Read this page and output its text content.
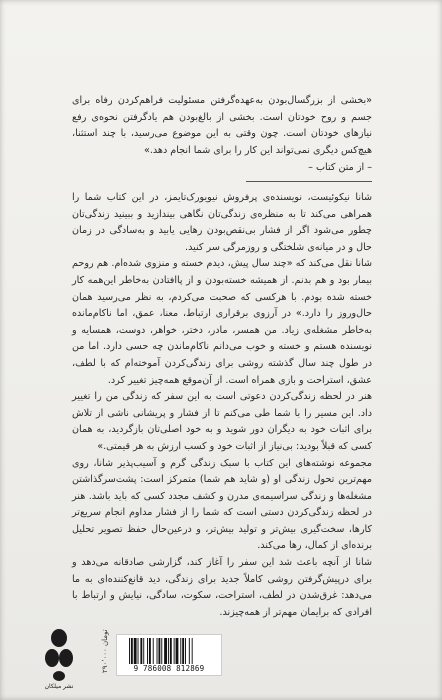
«بخشی از بزرگسال‌بودن به‌عهده‌گرفتن مسئولیت فراهم‌کردن رفاه برای جسم و روح خودتان است. بخشی از بالغ‌بودن هم یادگرفتن نحوه‌ی رفع نیازهای خودتان است. چون وقتی به این موضوع می‌رسید، با چند استثنا، هیچ‌کس دیگری نمی‌تواند این کار را برای شما انجام دهد.»
– از متن کتاب –

شانا نیکوئیست، نویسنده‌ی پرفروش نیویورک‌تایمز، در این کتاب شما را همراهی می‌کند تا به منظره‌ی زندگی‌تان نگاهی بیندازید و ببینید زندگی‌تان چطور می‌شود اگر از فشار بی‌نقص‌بودن رهایی یابید و به‌سادگی در زمان حال و در میانه‌ی شلختگی و روزمرگی سر کنید.

شانا نقل می‌کند که «چند سال پیش، دیدم خسته و منزوی شده‌ام. هم روحم بیمار بود و هم بدنم. از همیشه خسته‌بودن و از پاافتادن به‌خاطر این‌همه کار خسته شده بودم. با هرکسی که صحبت می‌کردم، به نظر می‌رسید همان حال‌وروز را دارد.» در آرزوی برقراری ارتباط، معنا، عمق، اما ناکام‌مانده به‌خاطر مشغله‌ی زیاد. من همسر، مادر، دختر، خواهر، دوست، همسایه و نویسنده هستم و خسته و خوب می‌دانم ناکام‌ماندن چه حسی دارد. اما من در طول چند سال گذشته روشی برای زندگی‌کردن آموخته‌ام که با لطف، عشق، استراحت و بازی همراه است. از آن‌موقع همه‌چیز تغییر کرد.

هنر در لحظه زندگی‌کردن دعوتی است به این سفر که زندگی من را تغییر داد. این مسیر را با شما طی می‌کنم تا از فشار و پریشانی ناشی از تلاش برای اثبات خود به دیگران دور شوید و به خود اصلی‌تان بازگردید، به همان کسی که قبلاً بودید: بی‌نیاز از اثبات خود و کسب ارزش به هر قیمتی.»

مجموعه نوشته‌های این کتاب با سبک زندگی گرم و آسیب‌پذیر شانا، روی مهم‌ترین تحول زندگی او (و شاید هم شما) متمرکز است: پشت‌سرگذاشتن مشغله‌ها و زندگی سراسیمه‌ی مدرن و کشف مجدد کسی که باید باشد. هنر در لحظه زندگی‌کردن دستی است که شما را از فشار مداوم انجام سریع‌تر کارها، سخت‌گیری بیش‌تر و تولید بیش‌تر، و درعین‌حال حفظ تصویر تحلیل برنده‌ای از کمال، رها می‌کند.

شانا از آنچه باعث شد این سفر را آغاز کند، گزارشی صادقانه می‌دهد و برای درپیش‌گرفتن روشی کاملاً جدید برای زندگی، دید قانع‌کننده‌ای به ما می‌دهد: غرق‌شدن در لطف، استراحت، سکوت، سادگی، نیایش و ارتباط با افرادی که برایمان مهم‌تر از همه‌چیزند.

نشر میلکان
۲۹۰٬۰۰۰ تومان
9 786008 812869
